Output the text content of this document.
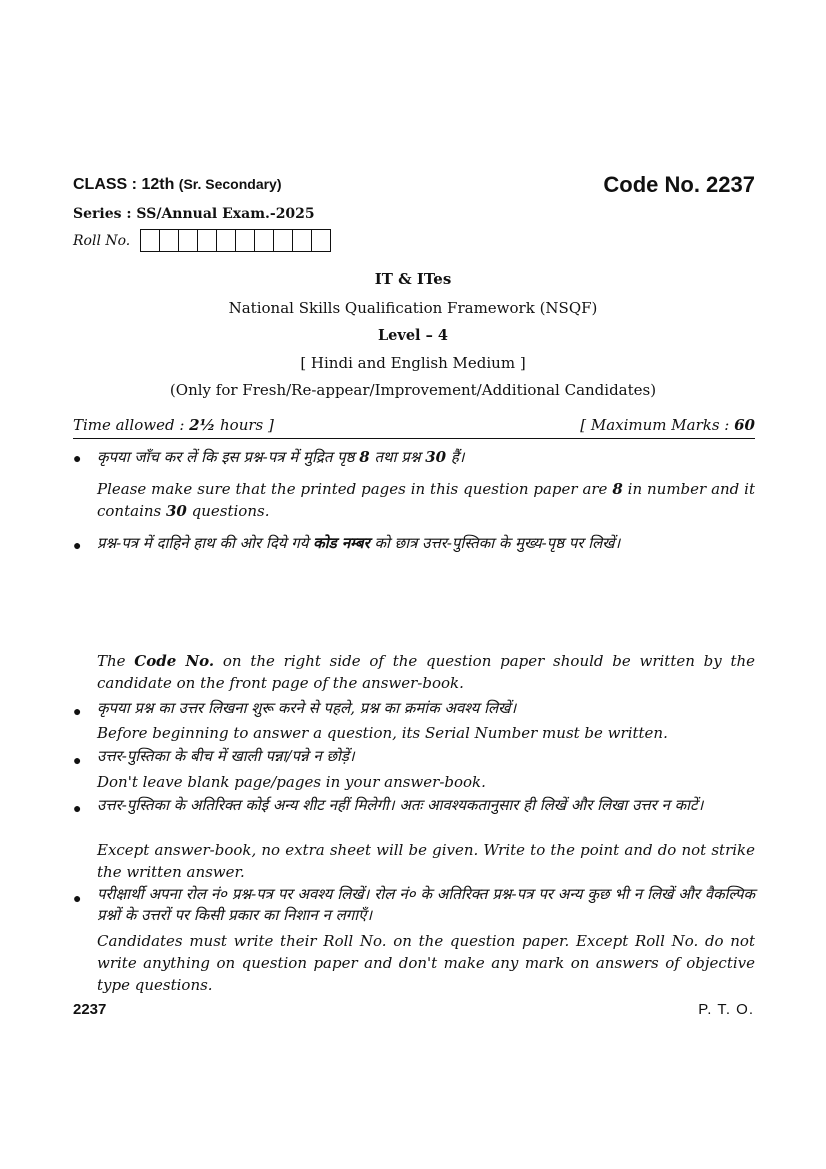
CLASS : 12th (Sr. Secondary)	Code No. 2237
Series : SS/Annual Exam.-2025
Roll No.
IT & ITes
National Skills Qualification Framework (NSQF)
Level – 4
[ Hindi and English Medium ]
(Only for Fresh/Re-appear/Improvement/Additional Candidates)
Time allowed : 2½ hours ]	[ Maximum Marks : 60
● कृपया जाँच कर लें कि इस प्रश्न-पत्र में मुद्रित पृष्ठ 8 तथा प्रश्न 30 हैं।
Please make sure that the printed pages in this question paper are 8 in number and it contains 30 questions.
● प्रश्न-पत्र में दाहिने हाथ की ओर दिये गये कोड नम्बर को छात्र उत्तर-पुस्तिका के मुख्य-पृष्ठ पर लिखें।
The Code No. on the right side of the question paper should be written by the candidate on the front page of the answer-book.
● कृपया प्रश्न का उत्तर लिखना शुरू करने से पहले, प्रश्न का क्रमांक अवश्य लिखें।
Before beginning to answer a question, its Serial Number must be written.
● उत्तर-पुस्तिका के बीच में खाली पन्ना/पन्ने न छोड़ें।
Don't leave blank page/pages in your answer-book.
● उत्तर-पुस्तिका के अतिरिक्त कोई अन्य शीट नहीं मिलेगी। अतः आवश्यकतानुसार ही लिखें और लिखा उत्तर न काटें।
Except answer-book, no extra sheet will be given. Write to the point and do not strike the written answer.
● परीक्षार्थी अपना रोल नं० प्रश्न-पत्र पर अवश्य लिखें। रोल नं० के अतिरिक्त प्रश्न-पत्र पर अन्य कुछ भी न लिखें और वैकल्पिक प्रश्नों के उत्तरों पर किसी प्रकार का निशान न लगाएँ।
Candidates must write their Roll No. on the question paper. Except Roll No. do not write anything on question paper and don't make any mark on answers of objective type questions.
2237	P. T. O.
